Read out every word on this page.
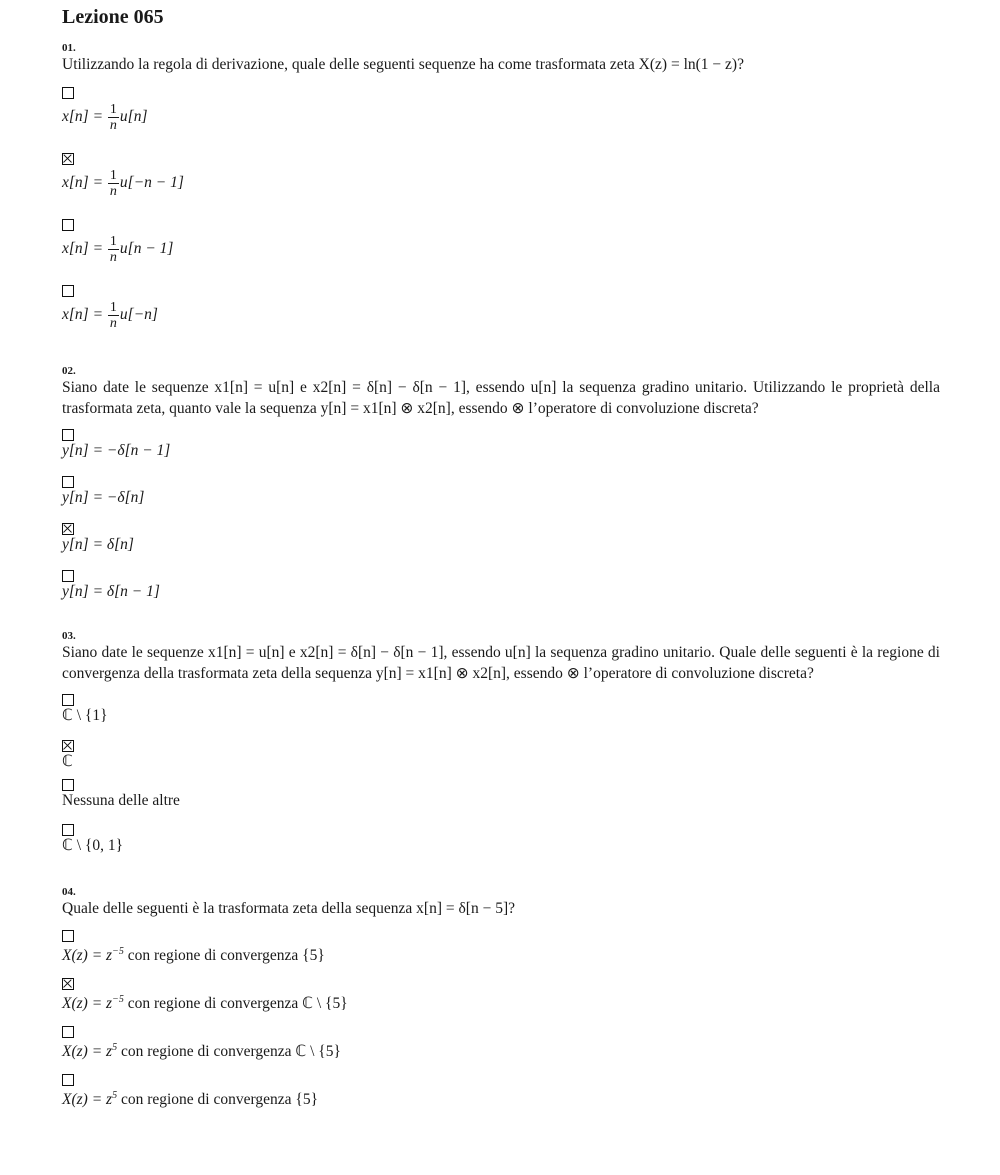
Lezione 065
01.

Utilizzando la regola di derivazione, quale delle seguenti sequenze ha come trasformata zeta X(z) = ln(1 − z)?

$x[n] = \frac{1}{n} u[n]$
$x[n] = \frac{1}{n} u[-n - 1]$
$x[n] = \frac{1}{n} u[n - 1]$
$x[n] = \frac{1}{n} u[-n]$
02.

Siano date le sequenze x1[n] = u[n] e x2[n] = δ[n] − δ[n − 1], essendo u[n] la sequenza gradino unitario. Utilizzando le proprietà della trasformata zeta, quanto vale la sequenza y[n] = x1[n] ⊗ x2[n], essendo ⊗ l’operatore di convoluzione discreta?

y[n] = −δ[n − 1]
y[n] = −δ[n]
y[n] = δ[n]
y[n] = δ[n − 1]
03.

Siano date le sequenze x1[n] = u[n] e x2[n] = δ[n] − δ[n − 1], essendo u[n] la sequenza gradino unitario. Quale delle seguenti è la regione di convergenza della trasformata zeta della sequenza y[n] = x1[n] ⊗ x2[n], essendo ⊗ l’operatore di convoluzione discreta?

ℂ \ {1}
ℂ
Nessuna delle altre
ℂ \ {0, 1}
04.

Quale delle seguenti è la trasformata zeta della sequenza x[n] = δ[n − 5]?

$X(z) = z^{-5}$ con regione di convergenza {5}
$X(z) = z^{-5}$ con regione di convergenza ℂ \ {5}
$X(z) = z^5$ con regione di convergenza ℂ \ {5}
$X(z) = z^5$ con regione di convergenza {5}
